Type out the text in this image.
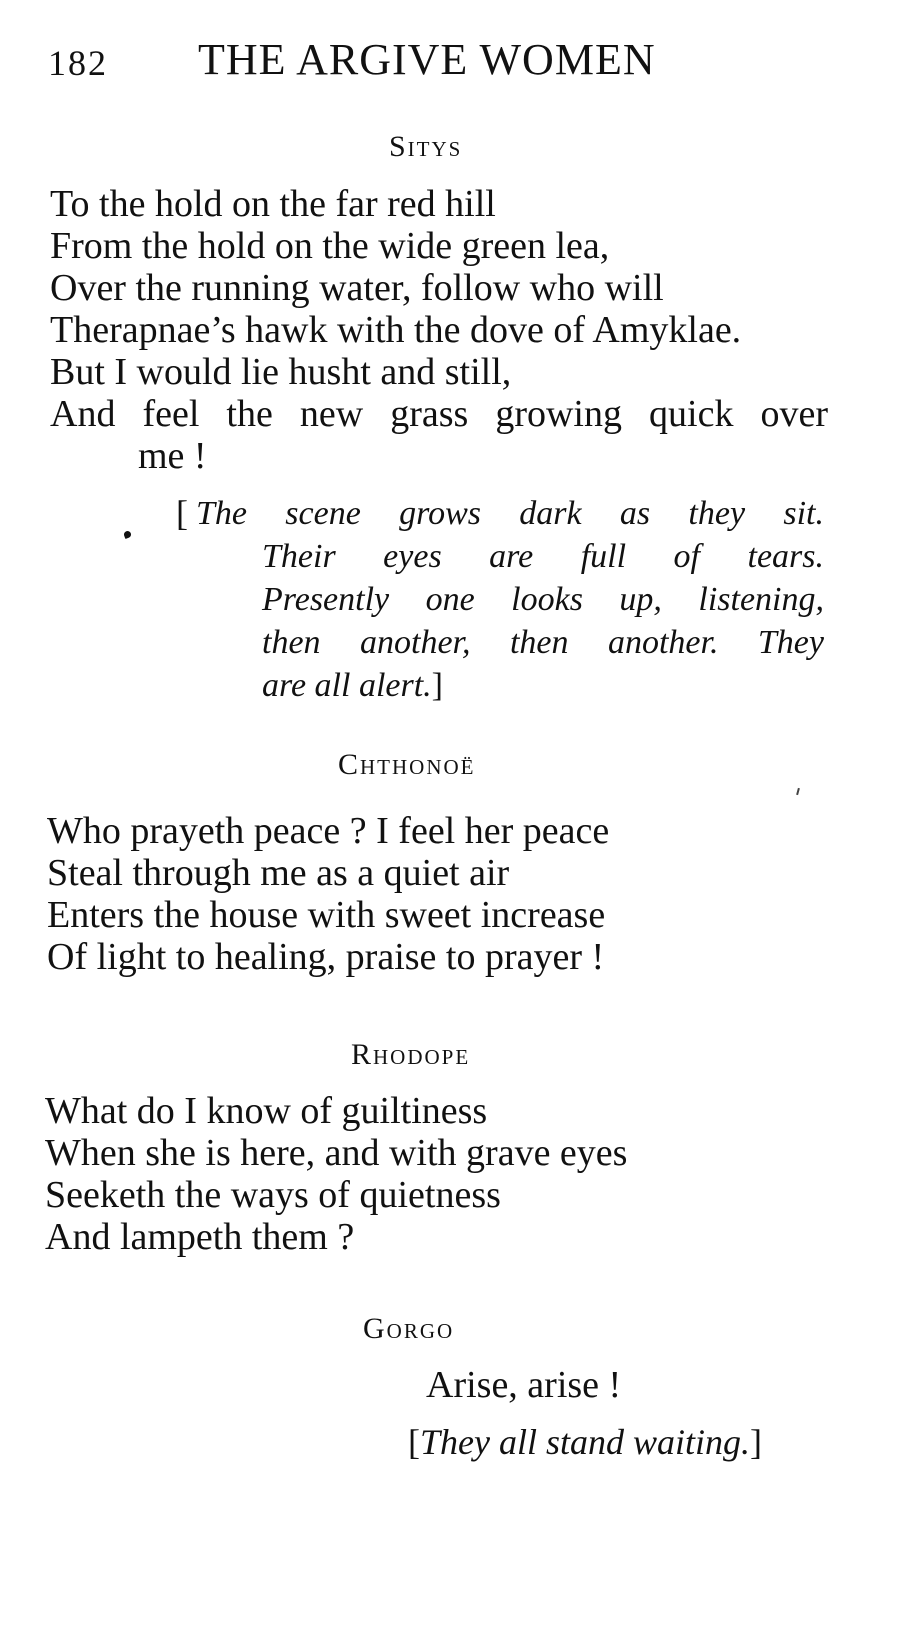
182 THE ARGIVE WOMEN
Sitys
To the hold on the far red hill
From the hold on the wide green lea,
Over the running water, follow who will
Therapnae’s hawk with the dove of Amyklae.
But I would lie husht and still,
And feel the new grass growing quick over
me !
[ The scene grows dark as they sit.
Their eyes are full of tears.
Presently one looks up, listening,
then another, then another. They
are all alert.]
Chthonoë
Who prayeth peace ? I feel her peace
Steal through me as a quiet air
Enters the house with sweet increase
Of light to healing, praise to prayer !
Rhodope
What do I know of guiltiness
When she is here, and with grave eyes
Seeketh the ways of quietness
And lampeth them ?
Gorgo
Arise, arise !
[They all stand waiting.]
